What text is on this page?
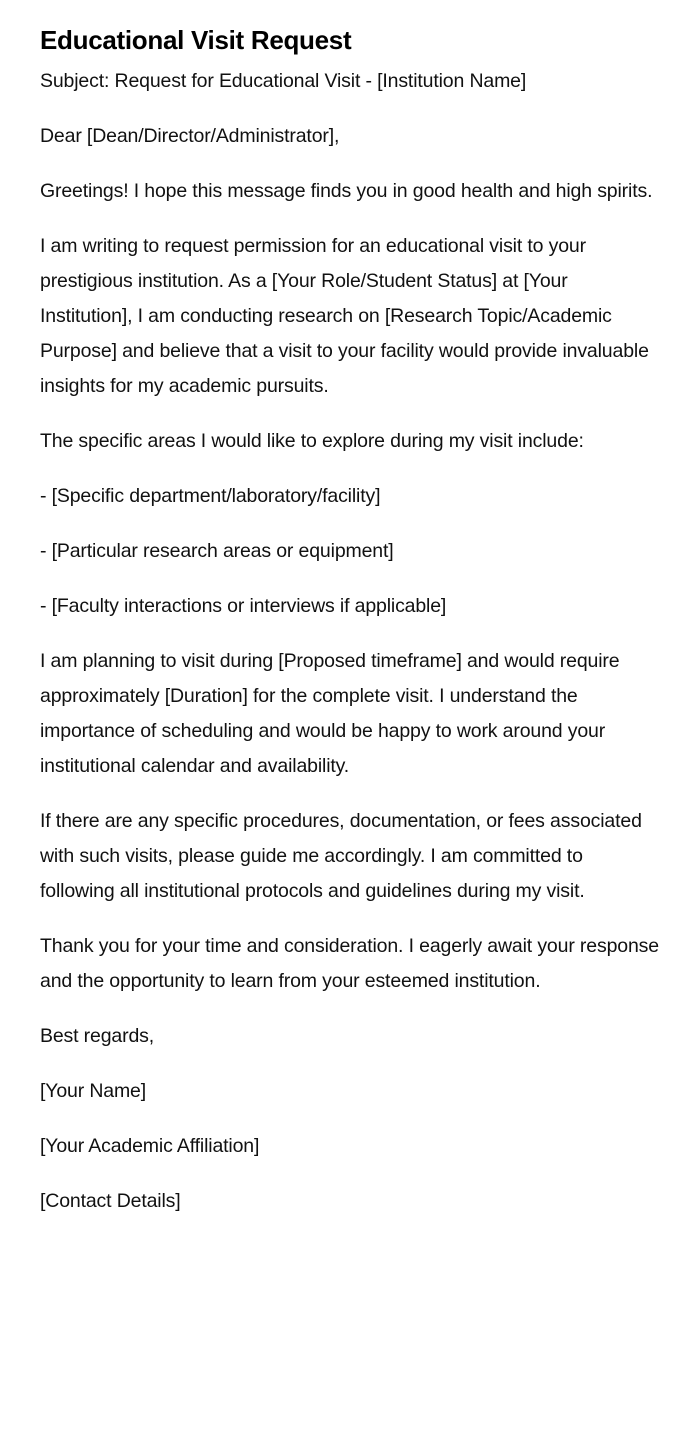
Educational Visit Request

Subject: Request for Educational Visit - [Institution Name]

Dear [Dean/Director/Administrator],

Greetings! I hope this message finds you in good health and high spirits.

I am writing to request permission for an educational visit to your prestigious institution. As a [Your Role/Student Status] at [Your Institution], I am conducting research on [Research Topic/Academic Purpose] and believe that a visit to your facility would provide invaluable insights for my academic pursuits.

The specific areas I would like to explore during my visit include:

- [Specific department/laboratory/facility]

- [Particular research areas or equipment]

- [Faculty interactions or interviews if applicable]

I am planning to visit during [Proposed timeframe] and would require approximately [Duration] for the complete visit. I understand the importance of scheduling and would be happy to work around your institutional calendar and availability.

If there are any specific procedures, documentation, or fees associated with such visits, please guide me accordingly. I am committed to following all institutional protocols and guidelines during my visit.

Thank you for your time and consideration. I eagerly await your response and the opportunity to learn from your esteemed institution.

Best regards,

[Your Name]

[Your Academic Affiliation]

[Contact Details]
